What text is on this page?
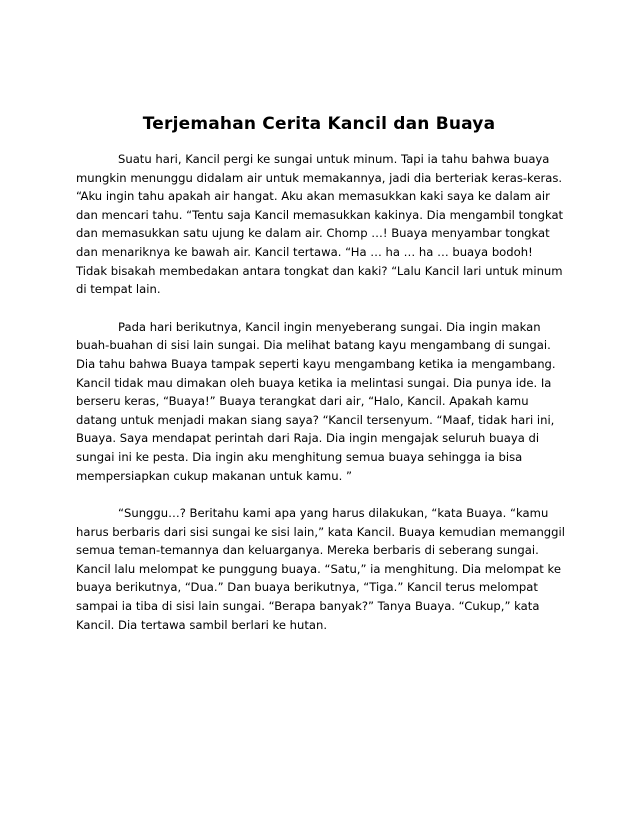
Terjemahan Cerita Kancil dan Buaya

Suatu hari, Kancil pergi ke sungai untuk minum. Tapi ia tahu bahwa buaya mungkin menunggu didalam air untuk memakannya, jadi dia berteriak keras-keras. “Aku ingin tahu apakah air hangat. Aku akan memasukkan kaki saya ke dalam air dan mencari tahu. “Tentu saja Kancil memasukkan kakinya. Dia mengambil tongkat dan memasukkan satu ujung ke dalam air. Chomp …! Buaya menyambar tongkat dan menariknya ke bawah air. Kancil tertawa. “Ha … ha … ha … buaya bodoh! Tidak bisakah membedakan antara tongkat dan kaki? “Lalu Kancil lari untuk minum di tempat lain.

Pada hari berikutnya, Kancil ingin menyeberang sungai. Dia ingin makan buah-buahan di sisi lain sungai. Dia melihat batang kayu mengambang di sungai. Dia tahu bahwa Buaya tampak seperti kayu mengambang ketika ia mengambang. Kancil tidak mau dimakan oleh buaya ketika ia melintasi sungai. Dia punya ide. Ia berseru keras, “Buaya!” Buaya terangkat dari air, “Halo, Kancil. Apakah kamu datang untuk menjadi makan siang saya? “Kancil tersenyum. “Maaf, tidak hari ini, Buaya. Saya mendapat perintah dari Raja. Dia ingin mengajak seluruh buaya di sungai ini ke pesta. Dia ingin aku menghitung semua buaya sehingga ia bisa mempersiapkan cukup makanan untuk kamu. ”

“Sunggu…? Beritahu kami apa yang harus dilakukan, “kata Buaya. “kamu harus berbaris dari sisi sungai ke sisi lain,” kata Kancil. Buaya kemudian memanggil semua teman-temannya dan keluarganya. Mereka berbaris di seberang sungai. Kancil lalu melompat ke punggung buaya. “Satu,” ia menghitung. Dia melompat ke buaya berikutnya, “Dua.” Dan buaya berikutnya, “Tiga.” Kancil terus melompat sampai ia tiba di sisi lain sungai. “Berapa banyak?” Tanya Buaya. “Cukup,” kata Kancil. Dia tertawa sambil berlari ke hutan.
